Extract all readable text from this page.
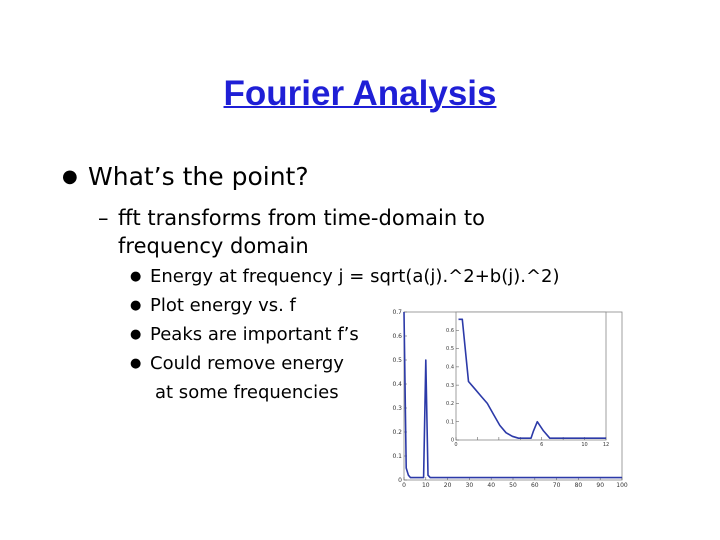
Fourier Analysis
● What’s the point?
– fft transforms from time-domain to frequency domain
● Energy at frequency j = sqrt(a(j).^2+b(j).^2)
● Plot energy vs. f
● Peaks are important f’s
● Could remove energy
at some frequencies
0	10 20 30 40 50 60 70 80 90 100
0
0.1
0.2
0.3
0.4
0.5
0.6
0.7
0	6	10	12
0
0.1
0.2
0.3
0.4
0.5
0.6
